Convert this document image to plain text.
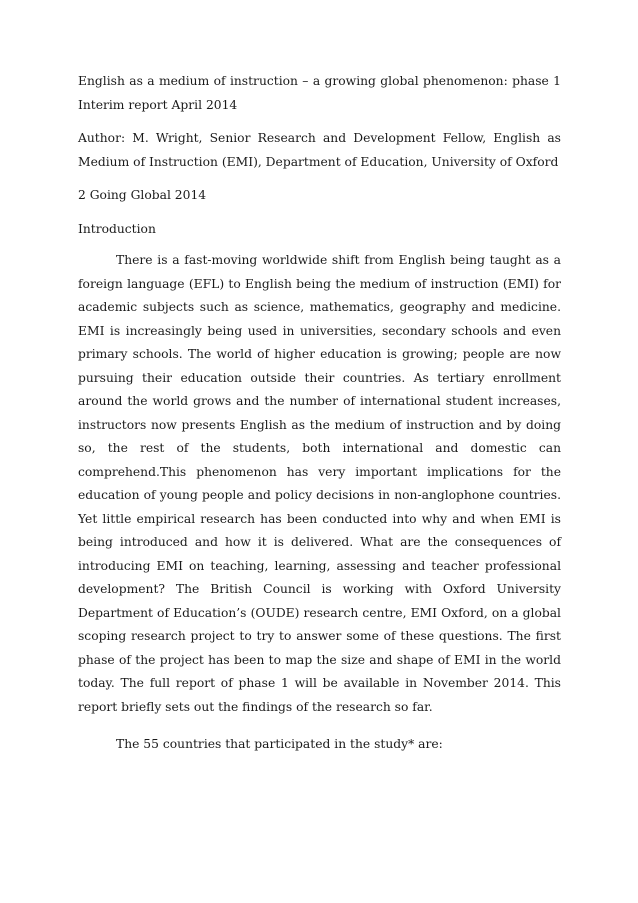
English as a medium of instruction – a growing global phenomenon: phase 1 Interim report April 2014

Author: M. Wright, Senior Research and Development Fellow, English as Medium of Instruction (EMI), Department of Education, University of Oxford

2 Going Global 2014

Introduction

There is a fast-moving worldwide shift from English being taught as a foreign language (EFL) to English being the medium of instruction (EMI) for academic subjects such as science, mathematics, geography and medicine. EMI is increasingly being used in universities, secondary schools and even primary schools. The world of higher education is growing; people are now pursuing their education outside their countries. As tertiary enrollment around the world grows and the number of international student increases, instructors now presents English as the medium of instruction and by doing so, the rest of the students, both international and domestic can comprehend.This phenomenon has very important implications for the education of young people and policy decisions in non-anglophone countries. Yet little empirical research has been conducted into why and when EMI is being introduced and how it is delivered. What are the consequences of introducing EMI on teaching, learning, assessing and teacher professional development? The British Council is working with Oxford University Department of Education’s (OUDE) research centre, EMI Oxford, on a global scoping research project to try to answer some of these questions. The first phase of the project has been to map the size and shape of EMI in the world today. The full report of phase 1 will be available in November 2014. This report briefly sets out the findings of the research so far.

The 55 countries that participated in the study* are:
